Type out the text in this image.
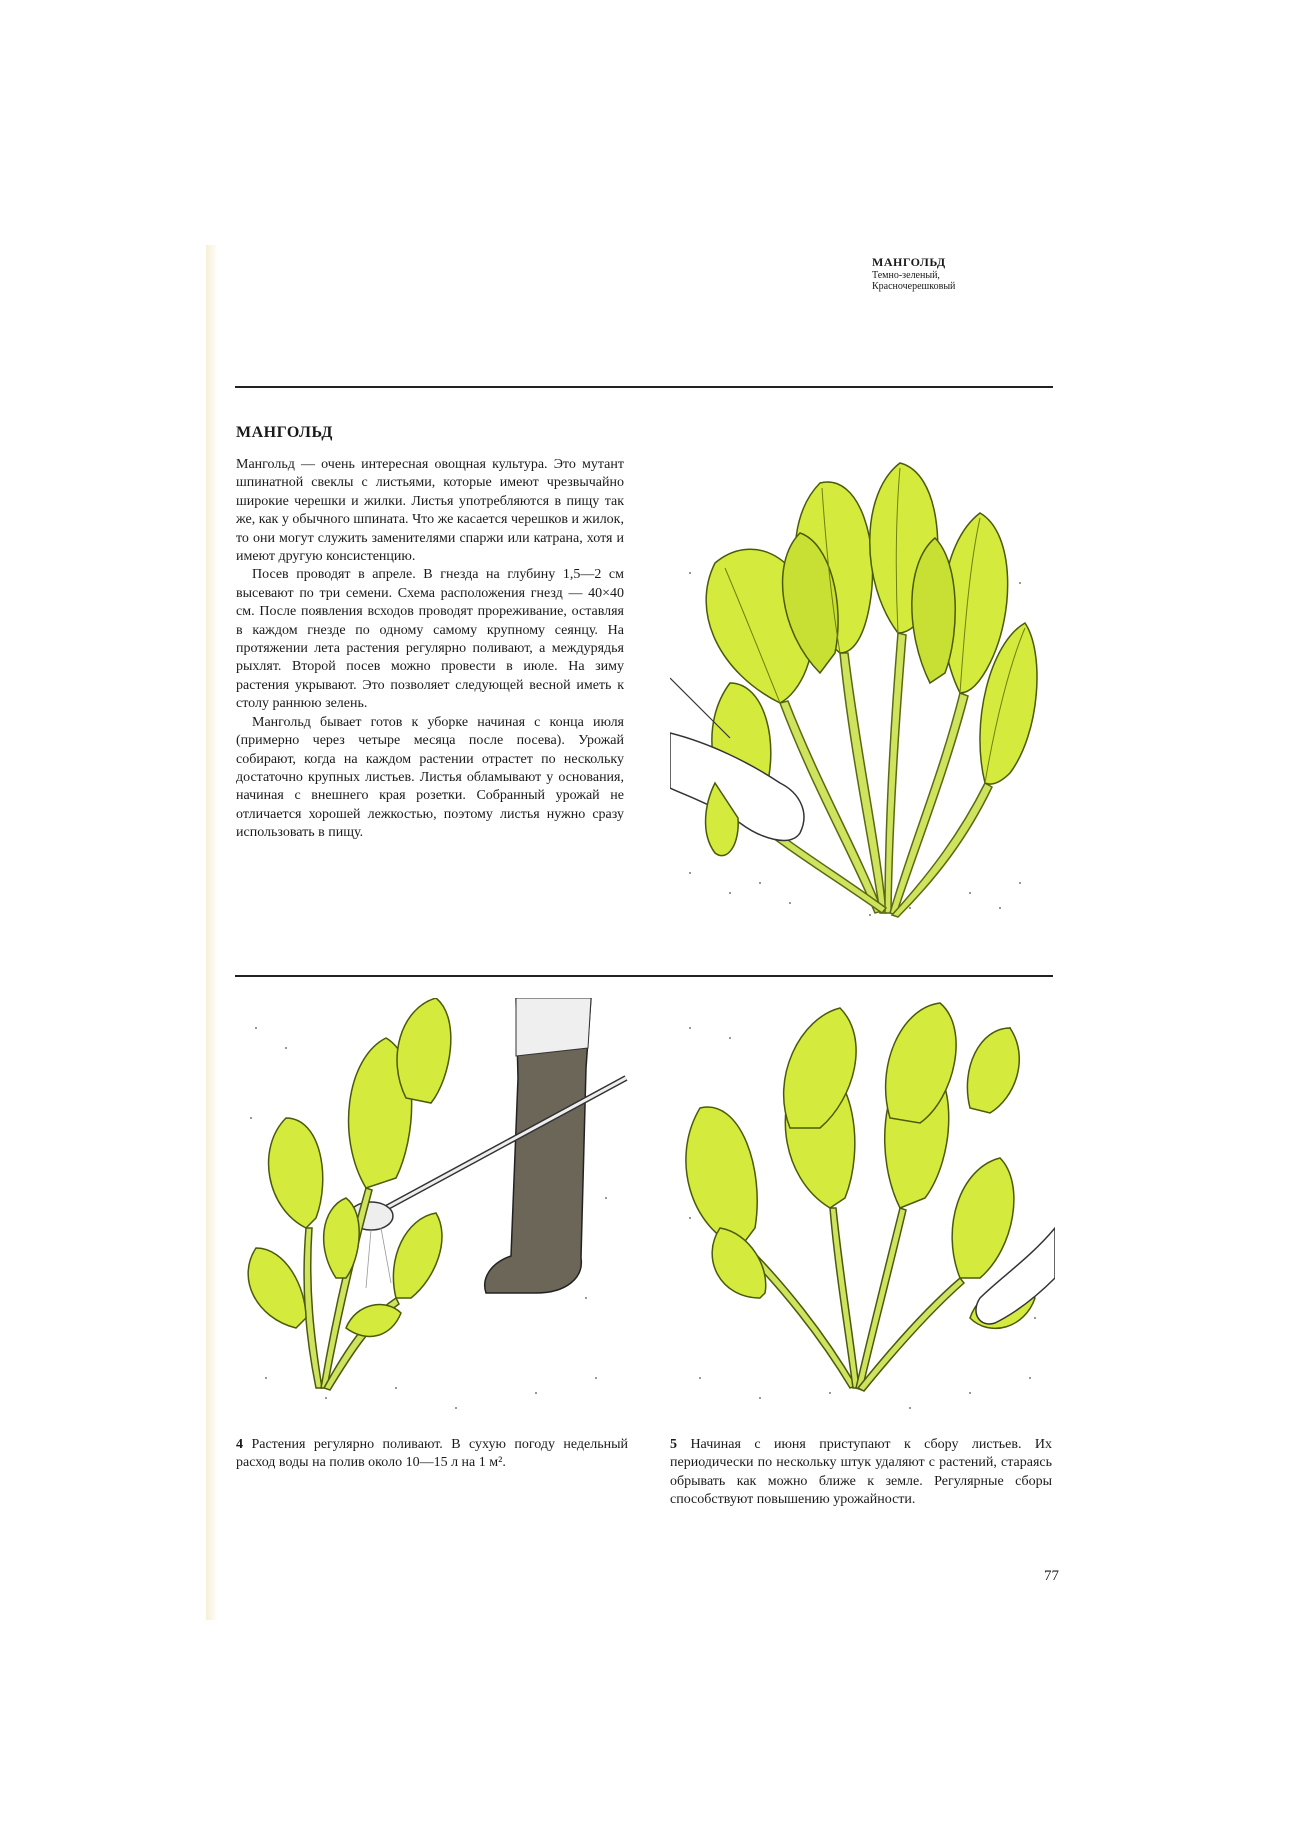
МАНГОЛЬД
Темно-зеленый,
Красночерешковый
МАНГОЛЬД

Мангольд — очень интересная овощная культура. Это мутант шпинатной свеклы с листьями, которые имеют чрезвычайно широкие черешки и жилки. Листья употребляются в пищу так же, как у обычного шпината. Что же касается черешков и жилок, то они могут служить заменителями спаржи или катрана, хотя и имеют другую консистенцию.

Посев проводят в апреле. В гнезда на глубину 1,5—2 см высевают по три семени. Схема расположения гнезд — 40×40 см. После появления всходов проводят прореживание, оставляя в каждом гнезде по одному самому крупному сеянцу. На протяжении лета растения регулярно поливают, а междурядья рыхлят. Второй посев можно провести в июле. На зиму растения укрывают. Это позволяет следующей весной иметь к столу раннюю зелень.

Мангольд бывает готов к уборке начиная с конца июля (примерно через четыре месяца после посева). Урожай собирают, когда на каждом растении отрастет по нескольку достаточно крупных листьев. Листья обламывают у основания, начиная с внешнего края розетки. Собранный урожай не отличается хорошей лежкостью, поэтому листья нужно сразу использовать в пищу.

4 Растения регулярно поливают. В сухую погоду недельный расход воды на полив около 10—15 л на 1 м².
5 Начиная с июня приступают к сбору листьев. Их периодически по нескольку штук удаляют с растений, стараясь обрывать как можно ближе к земле. Регулярные сборы способствуют повышению урожайности.
77
